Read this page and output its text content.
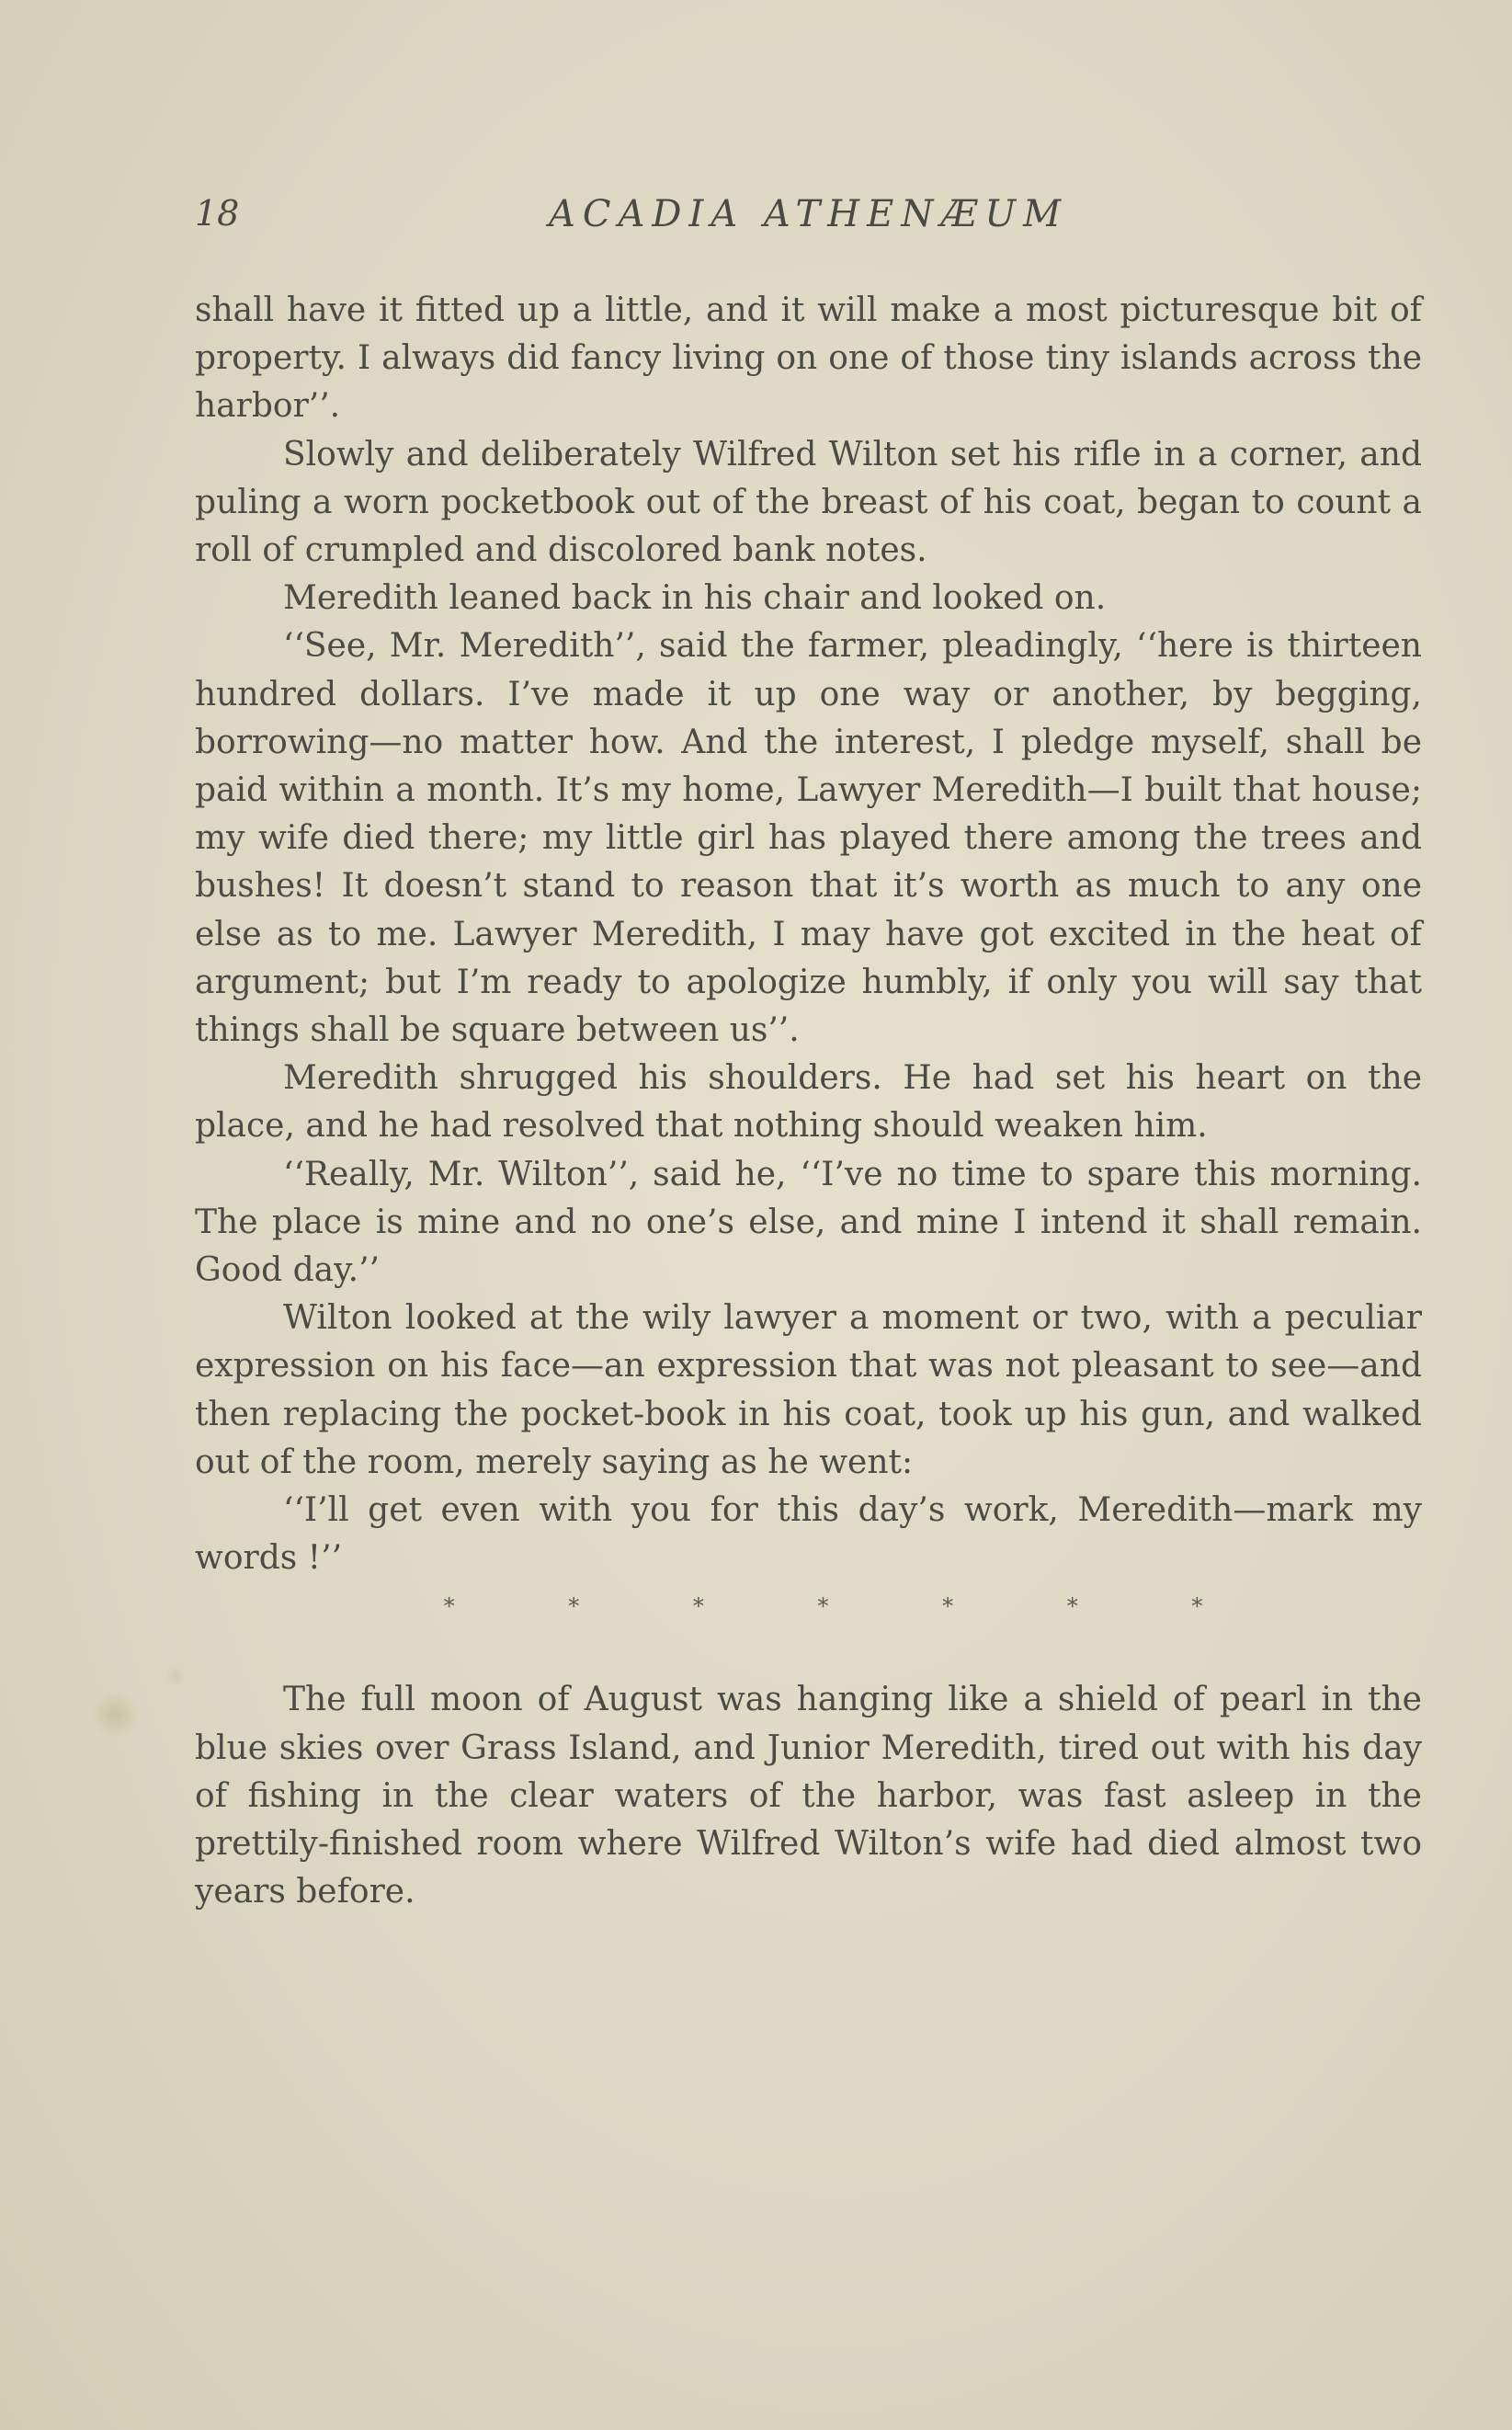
18	ACADIA ATHENÆUM

shall have it fitted up a little, and it will make a most picturesque bit of property. I always did fancy living on one of those tiny islands across the harbor’’.

Slowly and deliberately Wilfred Wilton set his rifle in a corner, and puling a worn pocketbook out of the breast of his coat, began to count a roll of crumpled and discolored bank notes.

Meredith leaned back in his chair and looked on.

‘‘See, Mr. Meredith’’, said the farmer, pleadingly, ‘‘here is thirteen hundred dollars. I’ve made it up one way or another, by begging, borrowing—no matter how. And the interest, I pledge myself, shall be paid within a month. It’s my home, Lawyer Meredith—I built that house; my wife died there; my little girl has played there among the trees and bushes! It doesn’t stand to reason that it’s worth as much to any one else as to me. Lawyer Meredith, I may have got excited in the heat of argument; but I’m ready to apologize humbly, if only you will say that things shall be square between us’’.

Meredith shrugged his shoulders. He had set his heart on the place, and he had resolved that nothing should weaken him.

‘‘Really, Mr. Wilton’’, said he, ‘‘I’ve no time to spare this morning. The place is mine and no one’s else, and mine I intend it shall remain. Good day.’’

Wilton looked at the wily lawyer a moment or two, with a peculiar expression on his face—an expression that was not pleasant to see—and then replacing the pocket-book in his coat, took up his gun, and walked out of the room, merely saying as he went:

‘‘I’ll get even with you for this day’s work, Meredith—mark my words !’’

* * * * * * *

The full moon of August was hanging like a shield of pearl in the blue skies over Grass Island, and Junior Meredith, tired out with his day of fishing in the clear waters of the harbor, was fast asleep in the prettily-finished room where Wilfred Wilton’s wife had died almost two years before.
